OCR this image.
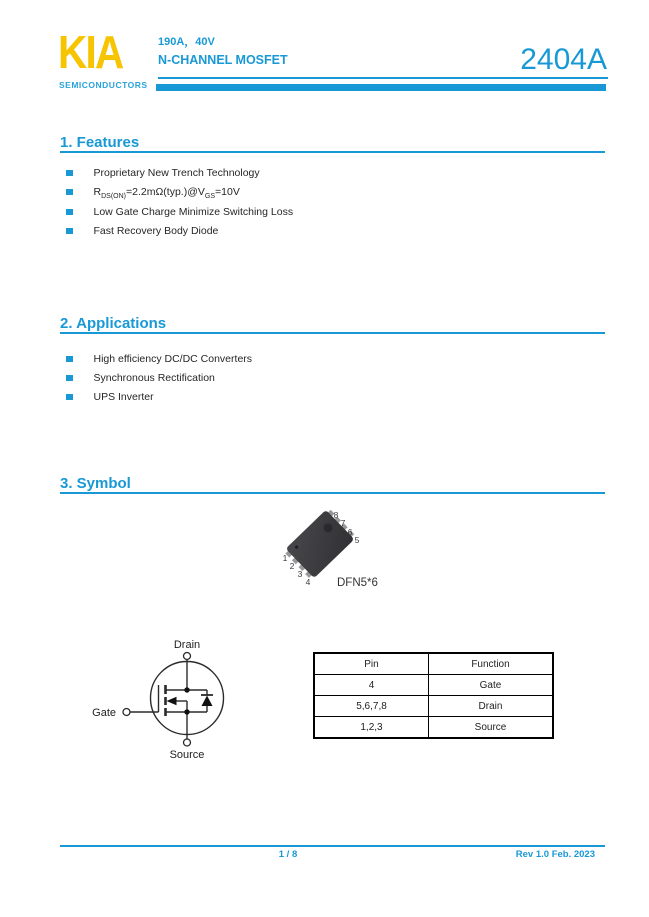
KIA
SEMICONDUCTORS
190A，40V
N-CHANNEL MOSFET	2404A
1. Features
Proprietary New Trench Technology
$R_{DS(ON)}=2.2m\Omega(typ.)@V_{GS}=10V$
Low Gate Charge Minimize Switching Loss
Fast Recovery Body Diode
2. Applications
High efficiency DC/DC Converters
Synchronous Rectification
UPS Inverter
3. Symbol
8
7
6
5
1
2
3
4 DFN5*6
Drain
Gate
Source
Pin	Function
4	Gate
5,6,7,8	Drain
1,2,3	Source
1 / 8	Rev 1.0 Feb. 2023
